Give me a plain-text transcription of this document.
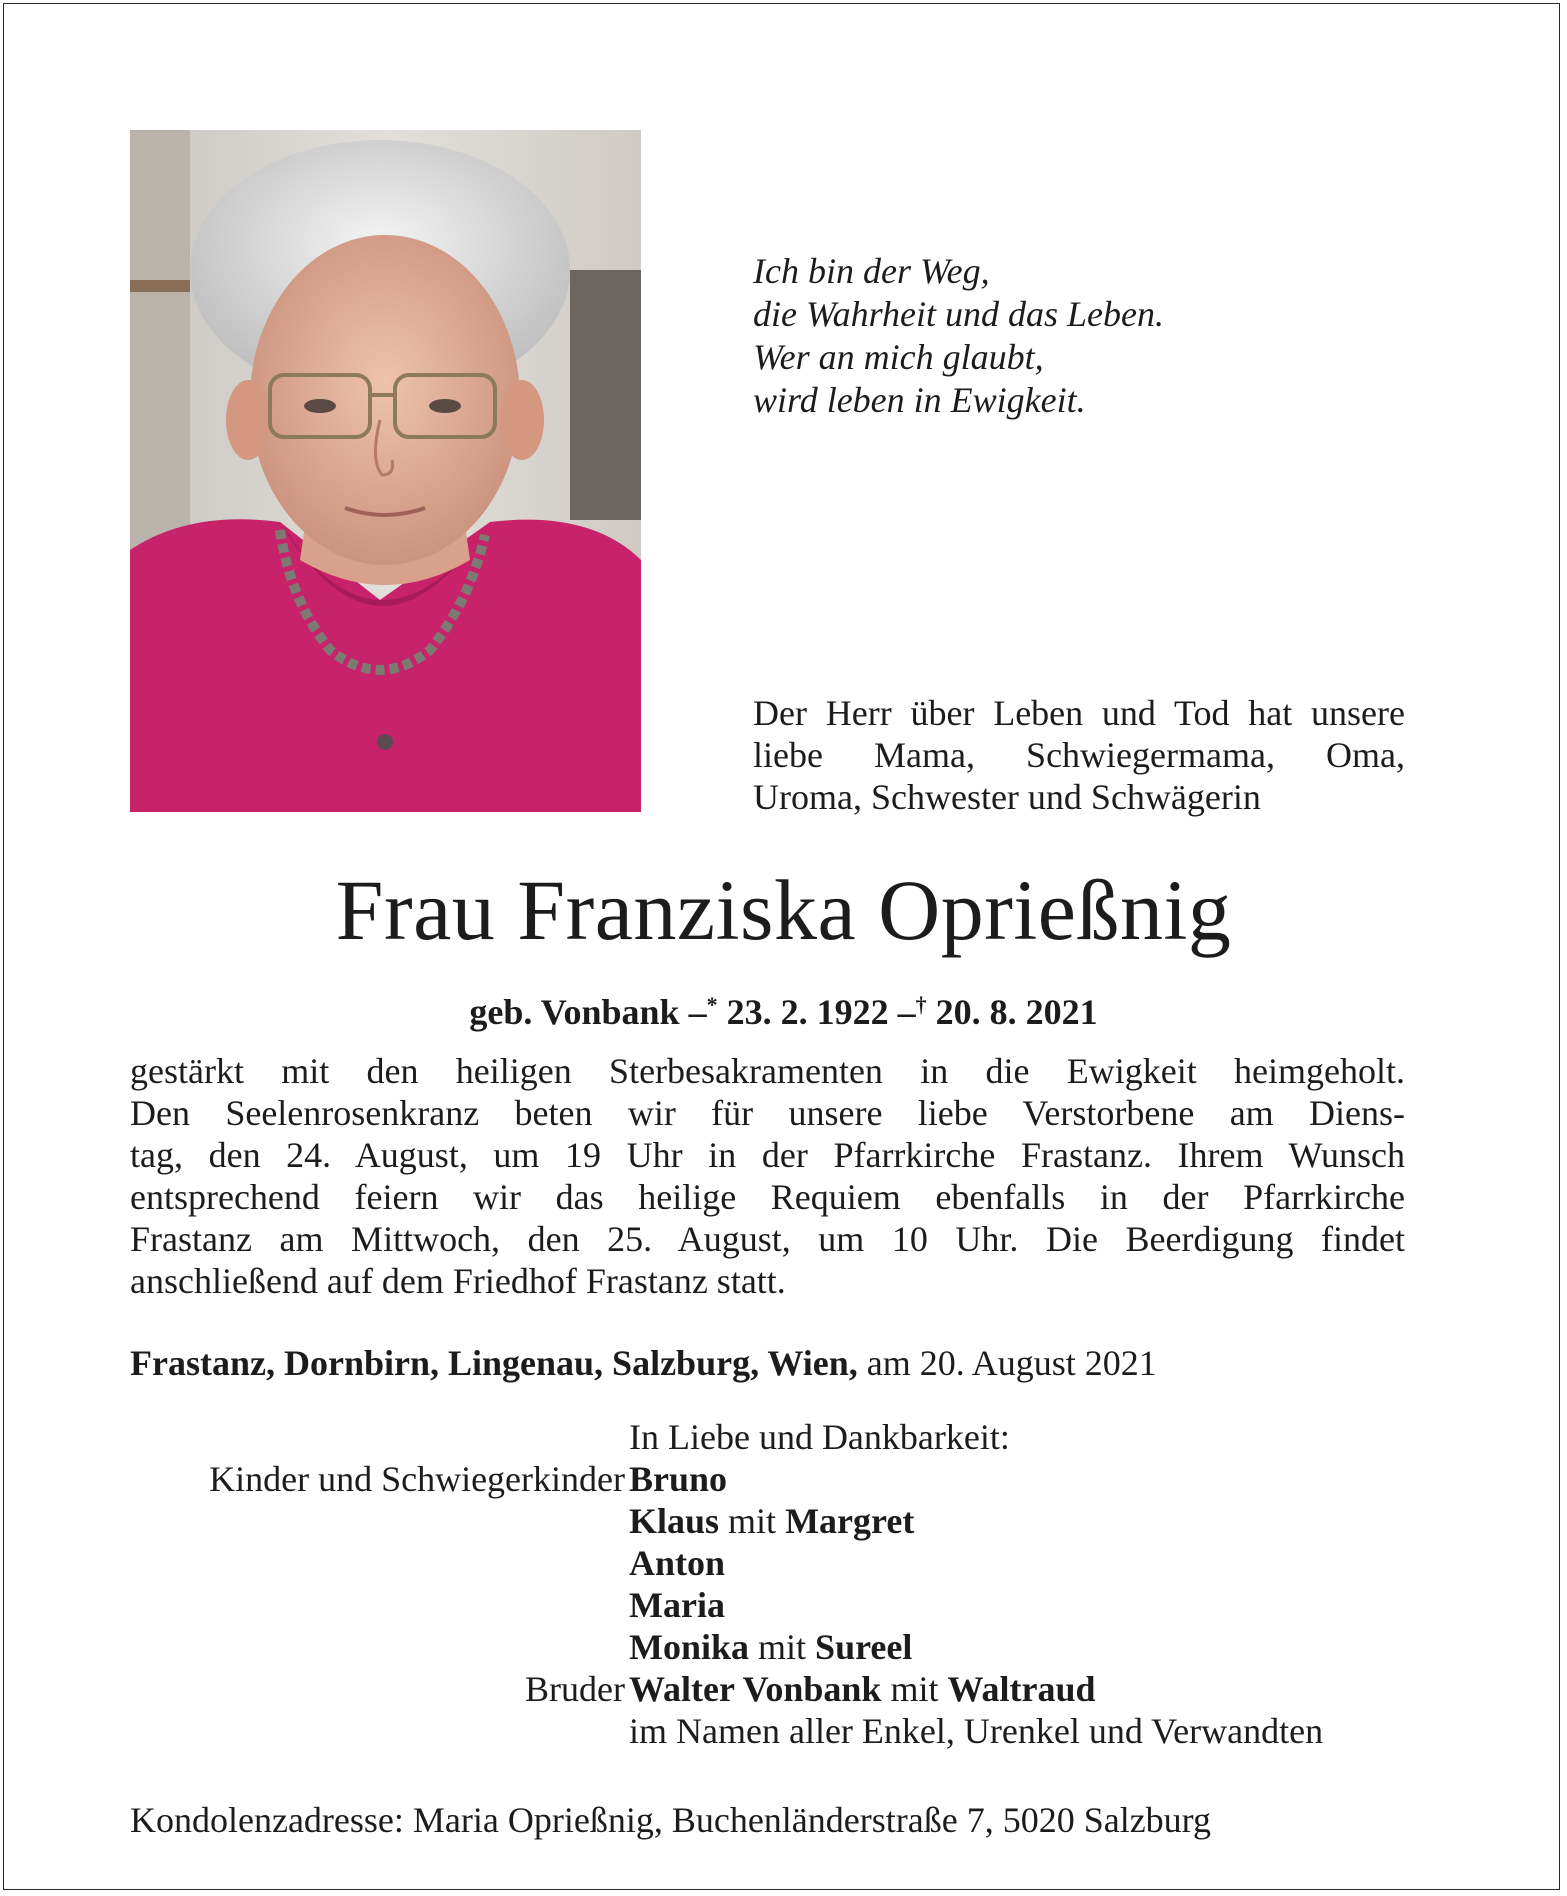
Ich bin der Weg,
die Wahrheit und das Leben.
Wer an mich glaubt,
wird leben in Ewigkeit.
Der Herr über Leben und Tod hat unsere
liebe Mama, Schwiegermama, Oma,
Uroma, Schwester und Schwägerin
Frau Franziska Oprießnig
geb. Vonbank –* 23. 2. 1922 –† 20. 8. 2021
gestärkt mit den heiligen Sterbesakramenten in die Ewigkeit heimgeholt.
Den Seelenrosenkranz beten wir für unsere liebe Verstorbene am Diens-
tag, den 24. August, um 19 Uhr in der Pfarrkirche Frastanz. Ihrem Wunsch
entsprechend feiern wir das heilige Requiem ebenfalls in der Pfarrkirche
Frastanz am Mittwoch, den 25. August, um 10 Uhr. Die Beerdigung findet
anschließend auf dem Friedhof Frastanz statt.
Frastanz, Dornbirn, Lingenau, Salzburg, Wien, am 20. August 2021
In Liebe und Dankbarkeit:
Kinder und Schwiegerkinder Bruno
Klaus mit Margret
Anton
Maria
Monika mit Sureel
Bruder Walter Vonbank mit Waltraud
im Namen aller Enkel, Urenkel und Verwandten
Kondolenzadresse: Maria Oprießnig, Buchenländerstraße 7, 5020 Salzburg
